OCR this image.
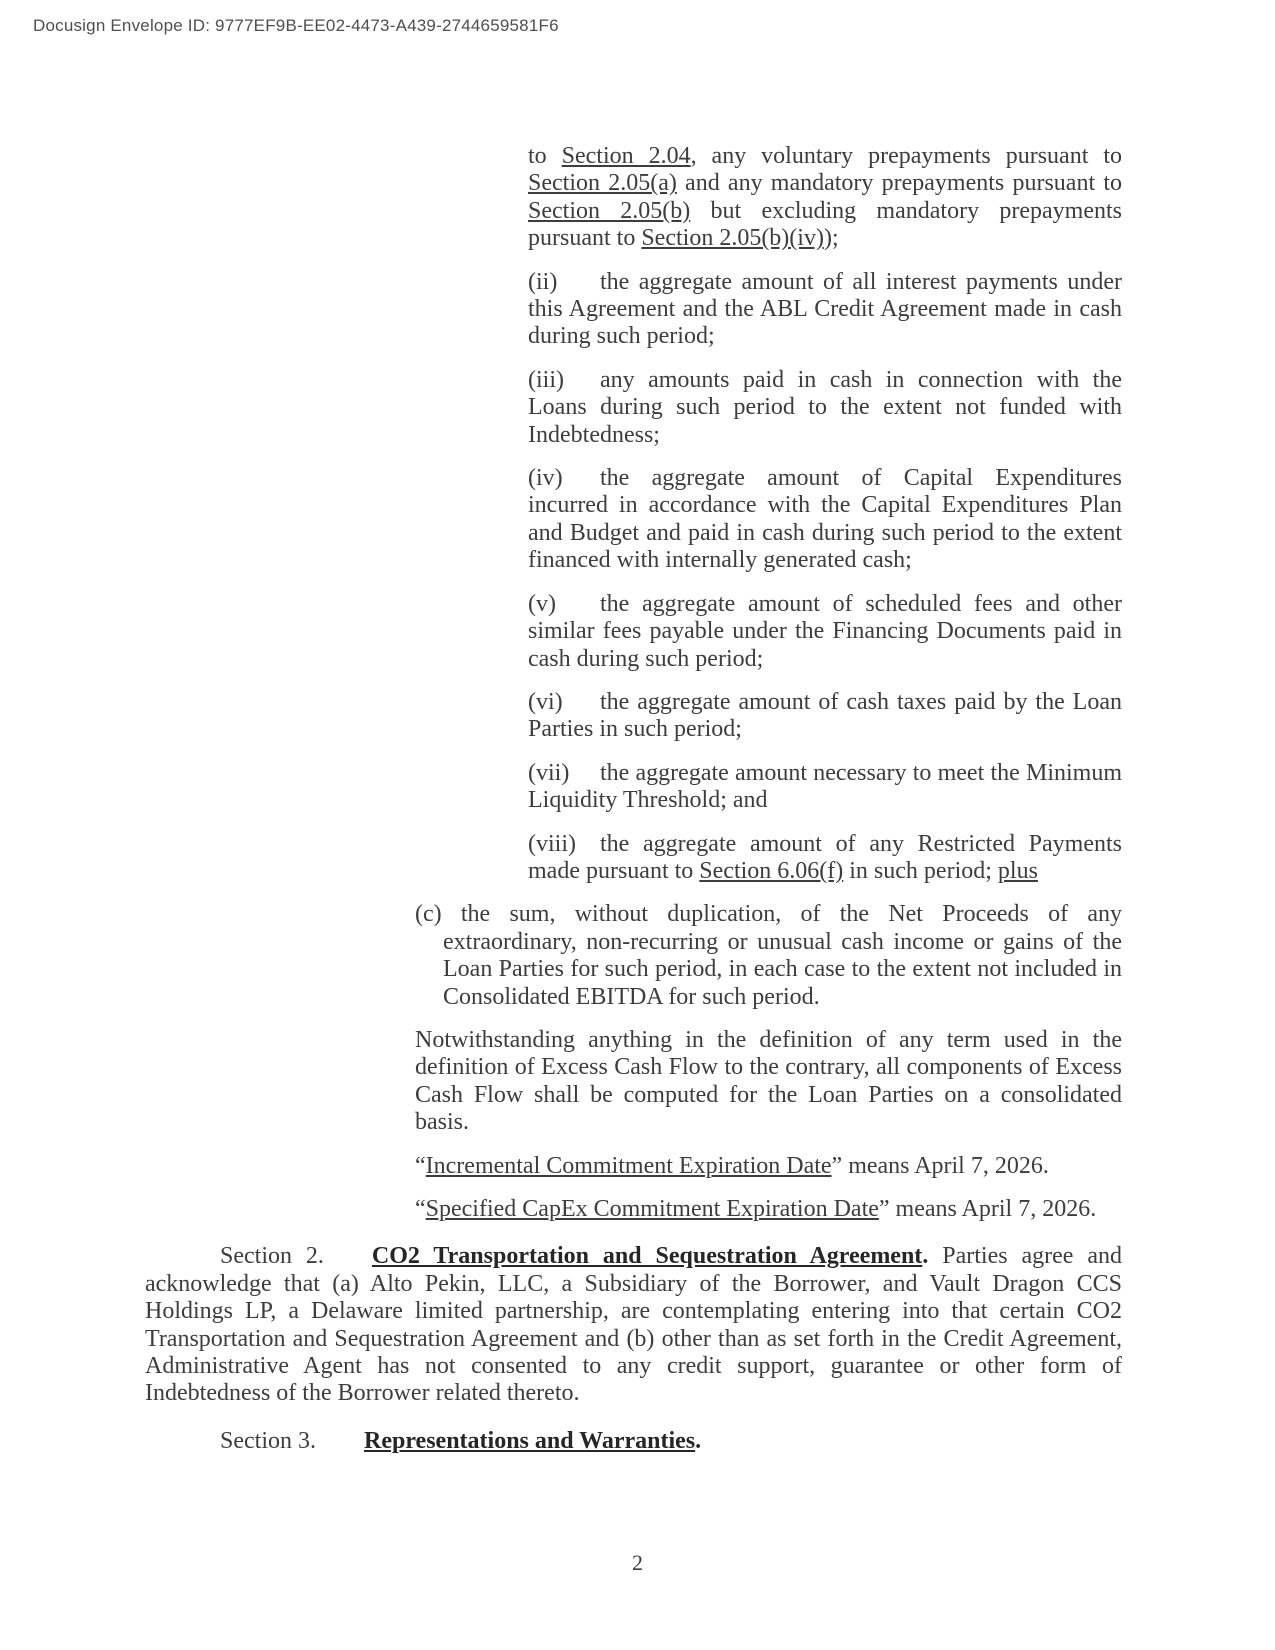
Docusign Envelope ID: 9777EF9B-EE02-4473-A439-2744659581F6
to Section 2.04, any voluntary prepayments pursuant to Section 2.05(a) and any mandatory prepayments pursuant to Section 2.05(b) but excluding mandatory prepayments pursuant to Section 2.05(b)(iv));
(ii) the aggregate amount of all interest payments under this Agreement and the ABL Credit Agreement made in cash during such period;
(iii) any amounts paid in cash in connection with the Loans during such period to the extent not funded with Indebtedness;
(iv) the aggregate amount of Capital Expenditures incurred in accordance with the Capital Expenditures Plan and Budget and paid in cash during such period to the extent financed with internally generated cash;
(v) the aggregate amount of scheduled fees and other similar fees payable under the Financing Documents paid in cash during such period;
(vi) the aggregate amount of cash taxes paid by the Loan Parties in such period;
(vii) the aggregate amount necessary to meet the Minimum Liquidity Threshold; and
(viii) the aggregate amount of any Restricted Payments made pursuant to Section 6.06(f) in such period; plus
(c) the sum, without duplication, of the Net Proceeds of any extraordinary, non-recurring or unusual cash income or gains of the Loan Parties for such period, in each case to the extent not included in Consolidated EBITDA for such period.
Notwithstanding anything in the definition of any term used in the definition of Excess Cash Flow to the contrary, all components of Excess Cash Flow shall be computed for the Loan Parties on a consolidated basis.
“Incremental Commitment Expiration Date” means April 7, 2026.
“Specified CapEx Commitment Expiration Date” means April 7, 2026.
Section 2. CO2 Transportation and Sequestration Agreement. Parties agree and acknowledge that (a) Alto Pekin, LLC, a Subsidiary of the Borrower, and Vault Dragon CCS Holdings LP, a Delaware limited partnership, are contemplating entering into that certain CO2 Transportation and Sequestration Agreement and (b) other than as set forth in the Credit Agreement, Administrative Agent has not consented to any credit support, guarantee or other form of Indebtedness of the Borrower related thereto.
Section 3. Representations and Warranties.
2
